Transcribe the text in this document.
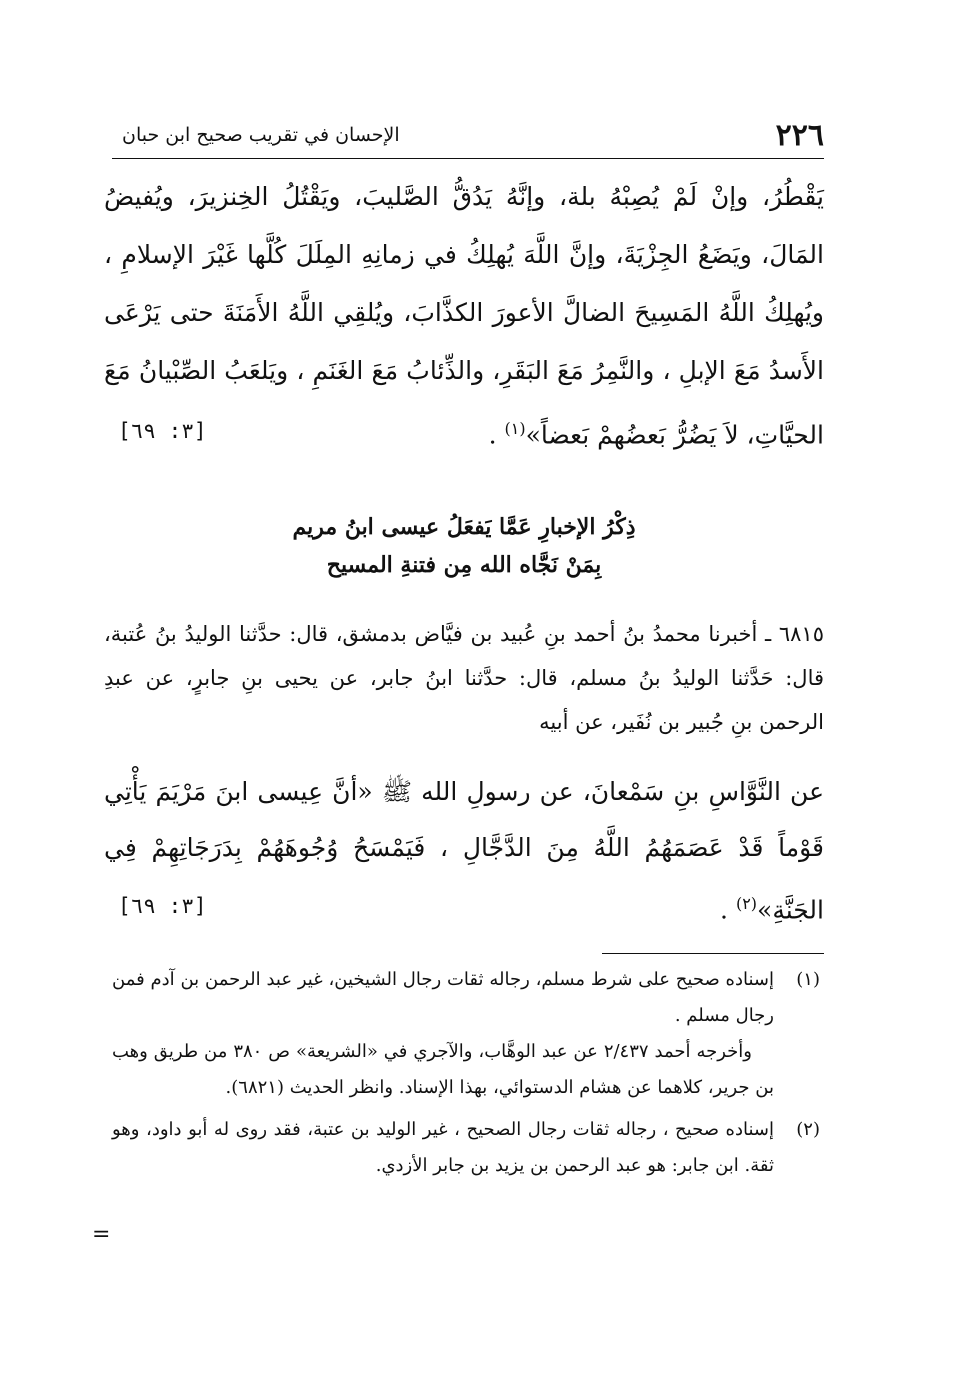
٢٢٦
الإحسان في تقريب صحيح ابن حبان
يَقْطُرُ، وإنْ لَمْ يُصِبْهُ بلة، وإنَّهُ يَدُقُّ الصَّليبَ، ويَقْتُلُ الخِنزيرَ، ويُفيضُ المَالَ، ويَضَعُ الجِزْيَةَ، وإنَّ اللَّهَ يُهلِكُ في زمانِهِ المِلَلَ كُلَّها غَيْرَ الإسلامِ ، ويُهلِكُ اللَّهُ المَسِيحَ الضالَّ الأعورَ الكذَّابَ، ويُلقِي اللَّهُ الأَمَنَةَ حتى يَرْعَى الأَسدُ مَعَ الإبلِ ، والنَّمِرُ مَعَ البَقَرِ، والذِّئابُ مَعَ الغَنَمِ ، ويَلعَبُ الصِّبْيانُ مَعَ الحيَّاتِ، لاَ يَضُرُّ بَعضُهمْ بَعضاً»$^{(١)}$ .
[٣: ٦٩]
ذِكْرُ الإخبارِ عَمَّا يَفعَلُ عيسى ابنُ مريم
بِمَنْ نَجَّاه الله مِن فتنةِ المسيح
٦٨١٥ ـ أخبرنا محمدُ بنُ أحمد بنِ عُبيد بن فيَّاض بدمشق، قال: حدَّثنا الوليدُ بنُ عُتبة، قال: حَدَّثنا الوليدُ بنُ مسلم، قال: حدَّثنا ابنُ جابر، عن يحيى بنِ جابرٍ، عن عبدِ الرحمن بنِ جُبير بن نُفَير، عن أبيه
عن النَّوَّاسِ بنِ سَمْعانَ، عن رسولِ الله ﷺ «أنَّ عِيسى ابنَ مَرْيَمَ يَأْتِي قَوْماً قَدْ عَصَمَهُمُ اللَّهُ مِنَ الدَّجَّالِ ، فَيَمْسَحُ وُجُوهَهُمْ بِدَرَجَاتِهِمْ فِي الجَنَّةِ»$^{(٢)}$ .
[٣: ٦٩]
(١)
إسناده صحيح على شرط مسلم، رجاله ثقات رجال الشيخين، غير عبد الرحمن بن آدم فمن رجال مسلم .
وأخرجه أحمد ٢/٤٣٧ عن عبد الوهَّاب، والآجري في «الشريعة» ص ٣٨٠ من طريق وهب بن جرير، كلاهما عن هشام الدستوائي، بهذا الإسناد. وانظر الحديث (٦٨٢١).
(٢)
إسناده صحيح ، رجاله ثقات رجال الصحيح ، غير الوليد بن عتبة، فقد روى له أبو داود، وهو ثقة. ابن جابر: هو عبد الرحمن بن يزيد بن جابر الأزدي.
=
